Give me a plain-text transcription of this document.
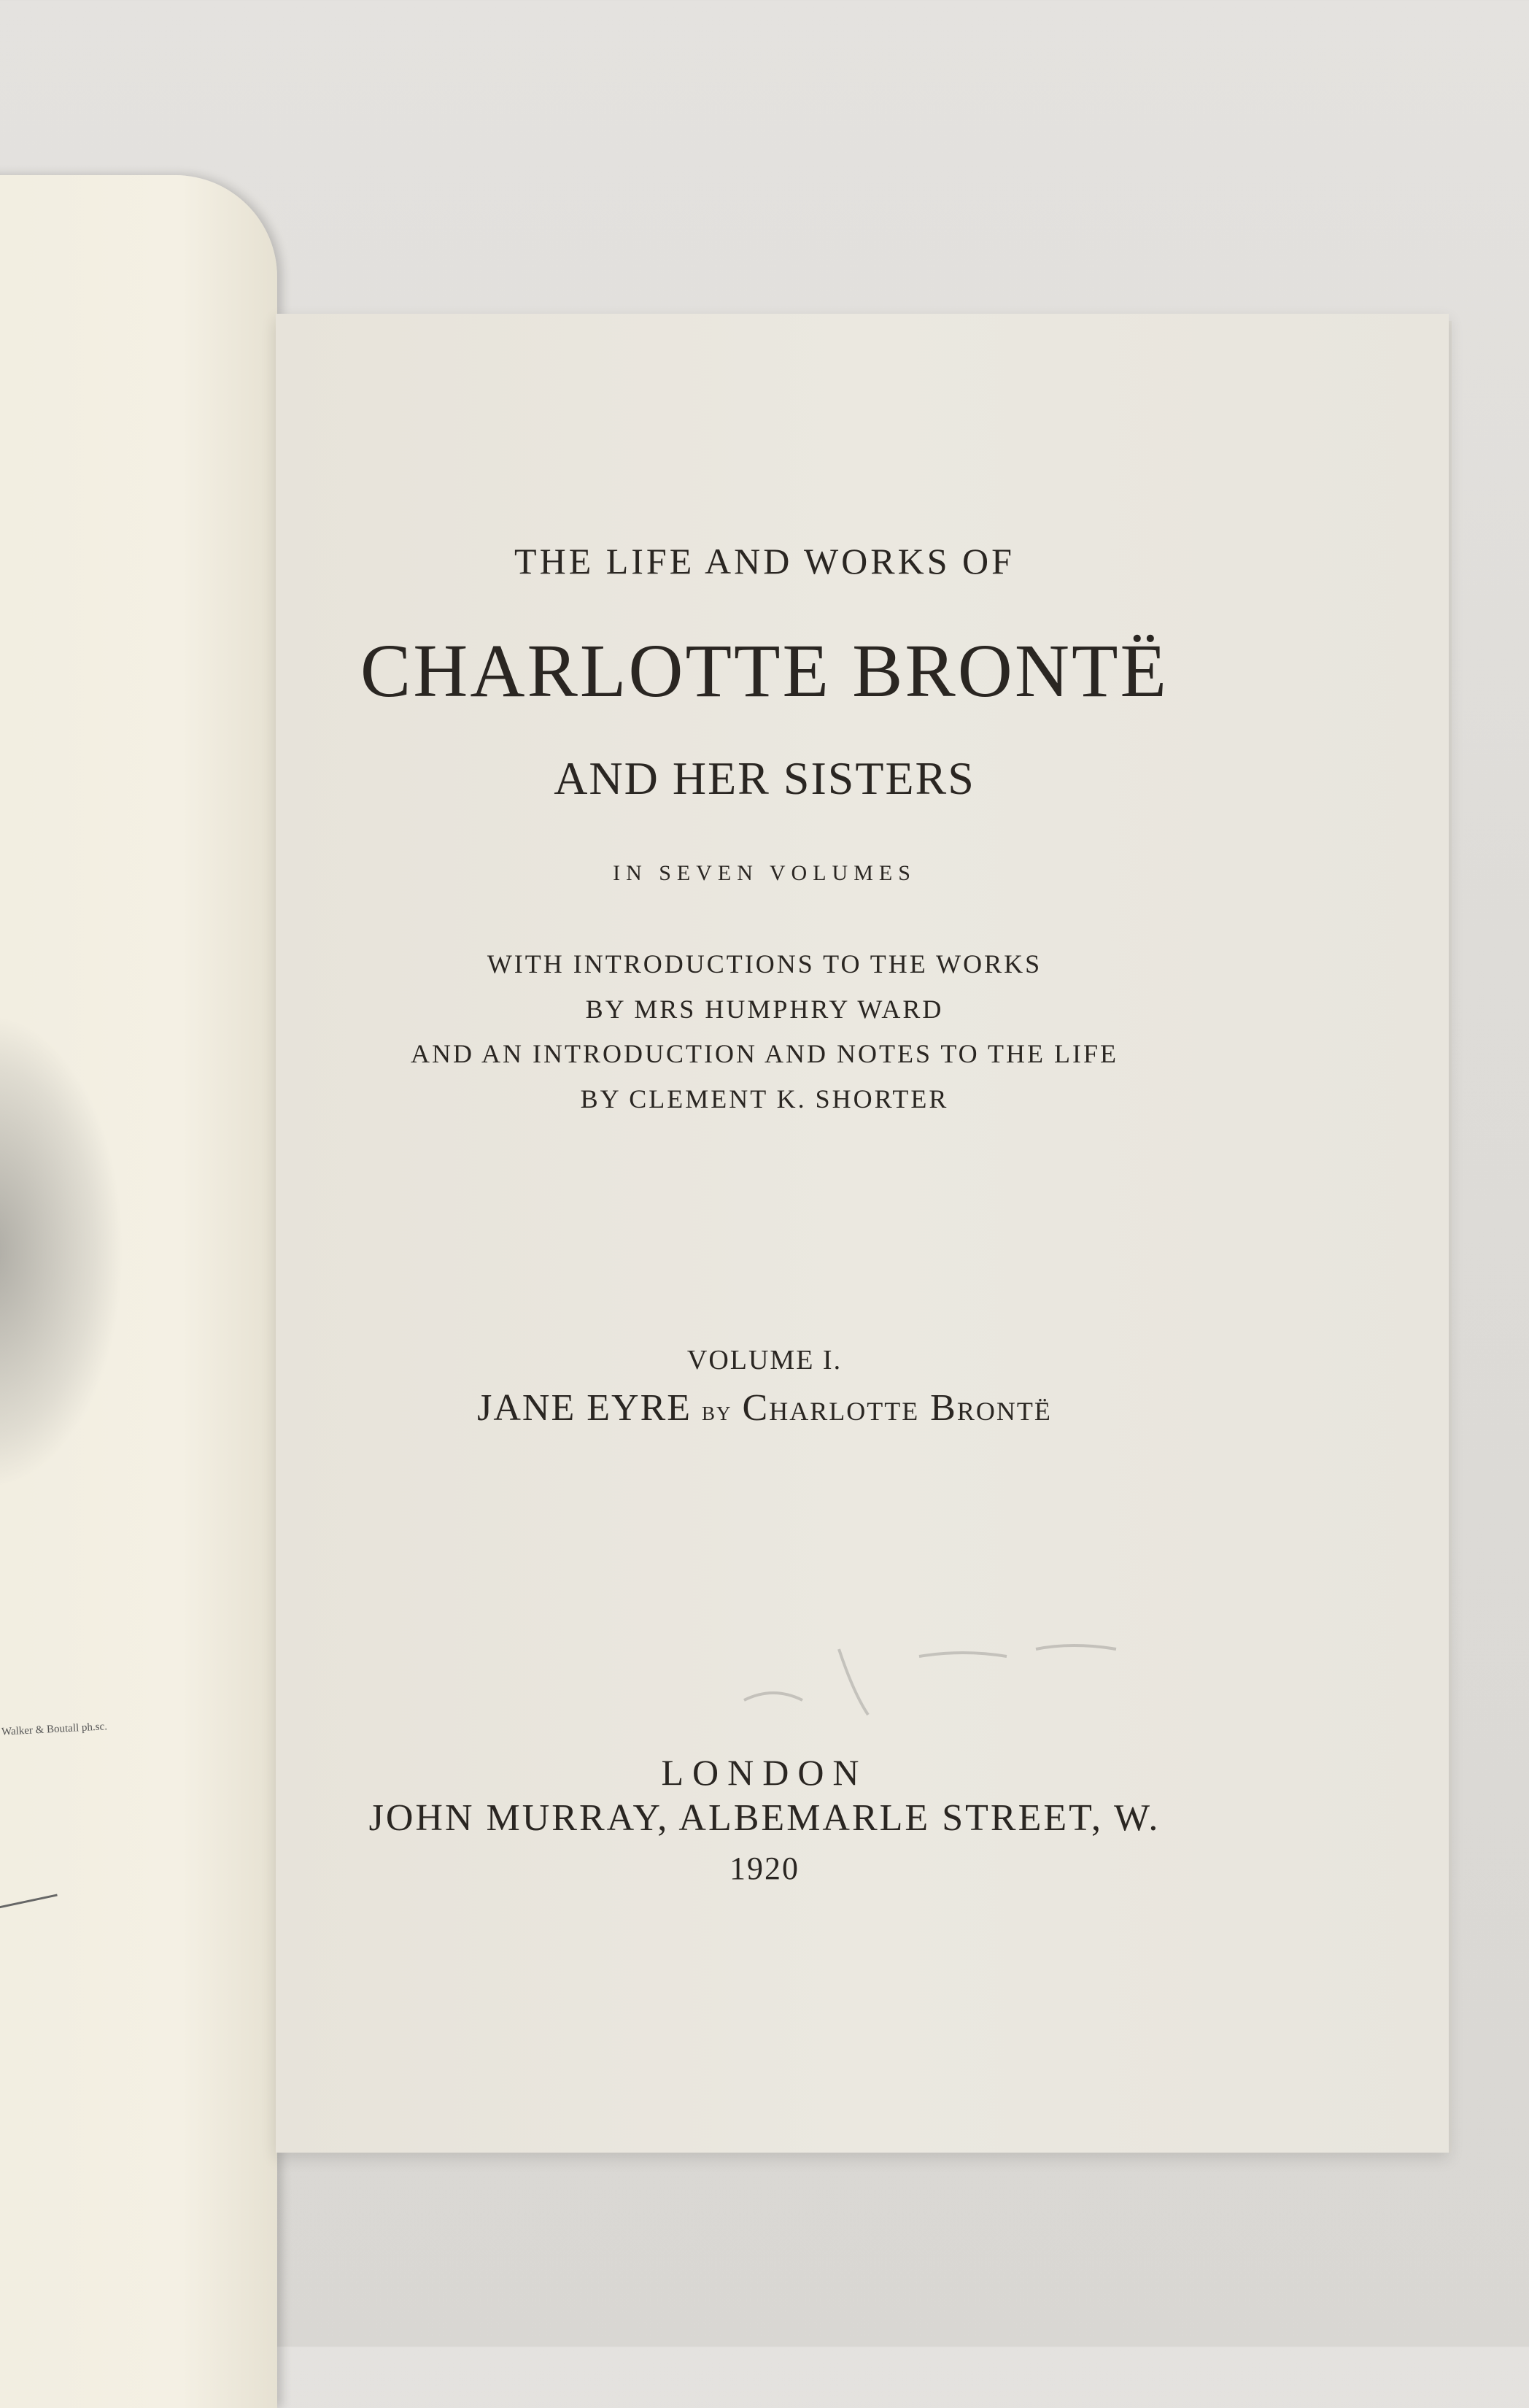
Walker & Boutall ph.sc.
THE LIFE AND WORKS OF
CHARLOTTE BRONTË
AND HER SISTERS
IN SEVEN VOLUMES
WITH INTRODUCTIONS TO THE WORKS
BY MRS HUMPHRY WARD
AND AN INTRODUCTION AND NOTES TO THE LIFE
BY CLEMENT K. SHORTER
VOLUME I.
JANE EYRE by Charlotte Brontë
LONDON
JOHN MURRAY, ALBEMARLE STREET, W.
1920
